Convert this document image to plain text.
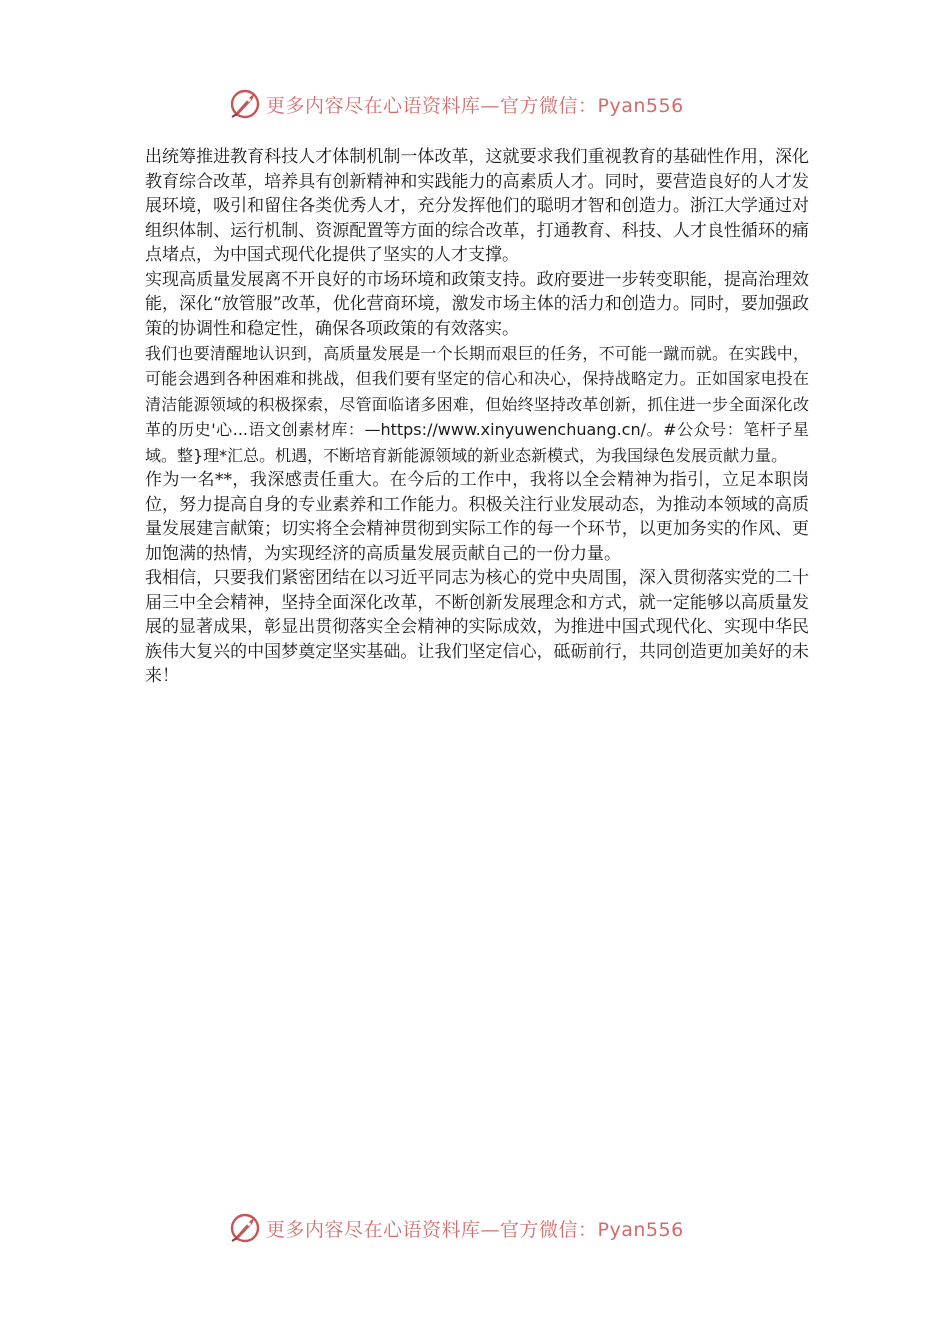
更多内容尽在心语资料库—官方微信：Pyan556

出统筹推进教育科技人才体制机制一体改革，这就要求我们重视教育的基础性作用，深化教育综合改革，培养具有创新精神和实践能力的高素质人才。同时，要营造良好的人才发展环境，吸引和留住各类优秀人才，充分发挥他们的聪明才智和创造力。浙江大学通过对组织体制、运行机制、资源配置等方面的综合改革，打通教育、科技、人才良性循环的痛点堵点，为中国式现代化提供了坚实的人才支撑。

实现高质量发展离不开良好的市场环境和政策支持。政府要进一步转变职能，提高治理效能，深化“放管服”改革，优化营商环境，激发市场主体的活力和创造力。同时，要加强政策的协调性和稳定性，确保各项政策的有效落实。

我们也要清醒地认识到，高质量发展是一个长期而艰巨的任务，不可能一蹴而就。在实践中，可能会遇到各种困难和挑战，但我们要有坚定的信心和决心，保持战略定力。正如国家电投在清洁能源领域的积极探索，尽管面临诸多困难，但始终坚持改革创新，抓住进一步全面深化改革的历史'心...语文创素材库：—https://www.xinyuwenchuang.cn/。#公众号：笔杆子星域。整}理*汇总。机遇，不断培育新能源领域的新业态新模式，为我国绿色发展贡献力量。

作为一名**，我深感责任重大。在今后的工作中，我将以全会精神为指引，立足本职岗位，努力提高自身的专业素养和工作能力。积极关注行业发展动态，为推动本领域的高质量发展建言献策；切实将全会精神贯彻到实际工作的每一个环节，以更加务实的作风、更加饱满的热情，为实现经济的高质量发展贡献自己的一份力量。

我相信，只要我们紧密团结在以习近平同志为核心的党中央周围，深入贯彻落实党的二十届三中全会精神，坚持全面深化改革，不断创新发展理念和方式，就一定能够以高质量发展的显著成果，彰显出贯彻落实全会精神的实际成效，为推进中国式现代化、实现中华民族伟大复兴的中国梦奠定坚实基础。让我们坚定信心，砥砺前行，共同创造更加美好的未来！

更多内容尽在心语资料库—官方微信：Pyan556
